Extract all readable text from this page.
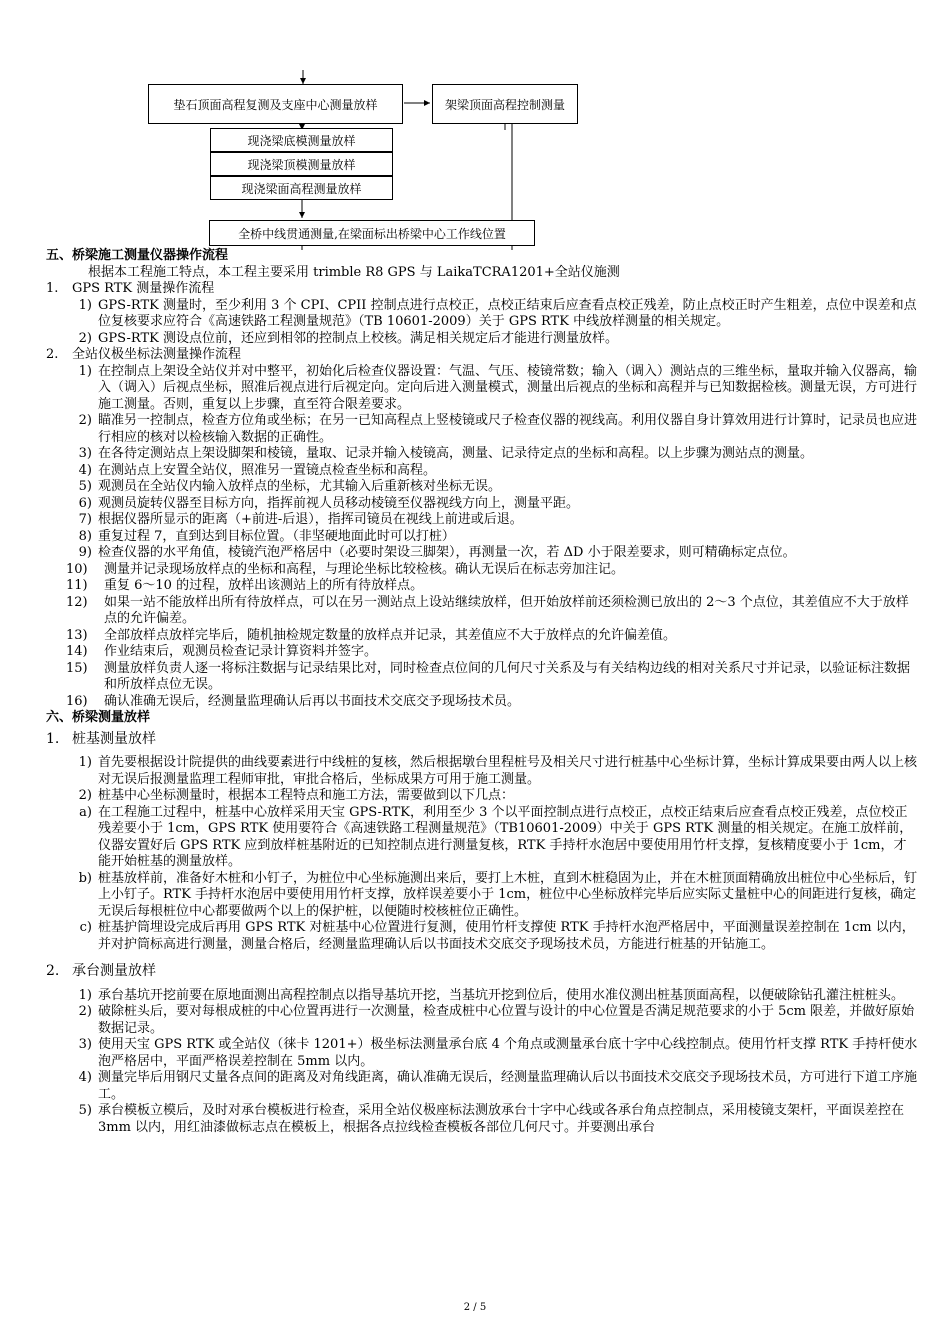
垫石顶面高程复测及支座中心测量放样	架梁顶面高程控制测量
现浇梁底模测量放样
现浇梁顶模测量放样
现浇梁面高程测量放样
全桥中线贯通测量,在梁面标出桥梁中心工作线位置

五、桥梁施工测量仪器操作流程

根据本工程施工特点，本工程主要采用 trimble R8 GPS 与 LaikaTCRA1201+全站仪施测

1.	GPS RTK 测量操作流程
1) GPS-RTK 测量时，至少利用 3 个 CPI、CPII 控制点进行点校正，点校正结束后应查看点校正残差，防止点校正时产生粗差，点位中误差和点位复核要求应符合《高速铁路工程测量规范》（TB 10601-2009）关于 GPS RTK 中线放样测量的相关规定。
2) GPS-RTK 测设点位前，还应到相邻的控制点上校核。满足相关规定后才能进行测量放样。
2.	全站仪极坐标法测量操作流程
1) 在控制点上架设全站仪并对中整平，初始化后检查仪器设置：气温、气压、棱镜常数；输入（调入）测站点的三维坐标，量取并输入仪器高，输入（调入）后视点坐标，照准后视点进行后视定向。定向后进入测量模式，测量出后视点的坐标和高程并与已知数据检核。测量无误，方可进行施工测量。否则，重复以上步骤，直至符合限差要求。
2) 瞄准另一控制点，检查方位角或坐标；在另一已知高程点上竖棱镜或尺子检查仪器的视线高。利用仪器自身计算效用进行计算时，记录员也应进行相应的核对以检核输入数据的正确性。
3) 在各待定测站点上架设脚架和棱镜，量取、记录并输入棱镜高，测量、记录待定点的坐标和高程。以上步骤为测站点的测量。
4) 在测站点上安置全站仪，照准另一置镜点检查坐标和高程。
5) 观测员在全站仪内输入放样点的坐标，尤其输入后重新核对坐标无误。
6) 观测员旋转仪器至目标方向，指挥前视人员移动棱镜至仪器视线方向上，测量平距。
7) 根据仪器所显示的距离（+前进-后退），指挥司镜员在视线上前进或后退。
8) 重复过程 7，直到达到目标位置。（非坚硬地面此时可以打桩）
9) 检查仪器的水平角值，棱镜汽泡严格居中（必要时架设三脚架），再测量一次，若 ΔD 小于限差要求，则可精确标定点位。
10)	测量并记录现场放样点的坐标和高程，与理论坐标比较检核。确认无误后在标志旁加注记。
11)	重复 6～10 的过程，放样出该测站上的所有待放样点。
12)	如果一站不能放样出所有待放样点，可以在另一测站点上设站继续放样，但开始放样前还须检测已放出的 2～3 个点位，其差值应不大于放样点的允许偏差。
13)	全部放样点放样完毕后，随机抽检规定数量的放样点并记录，其差值应不大于放样点的允许偏差值。
14)	作业结束后，观测员检查记录计算资料并签字。
15)	测量放样负责人逐一将标注数据与记录结果比对，同时检查点位间的几何尺寸关系及与有关结构边线的相对关系尺寸并记录，以验证标注数据和所放样点位无误。
16)	确认准确无误后，经测量监理确认后再以书面技术交底交予现场技术员。

六、桥梁测量放样

1. 桩基测量放样
1) 首先要根据设计院提供的曲线要素进行中线桩的复核，然后根据墩台里程桩号及相关尺寸进行桩基中心坐标计算，坐标计算成果要由两人以上核对无误后报测量监理工程师审批，审批合格后，坐标成果方可用于施工测量。
2) 桩基中心坐标测量时，根据本工程特点和施工方法，需要做到以下几点：
a) 在工程施工过程中，桩基中心放样采用天宝 GPS-RTK，利用至少 3 个以平面控制点进行点校正，点校正结束后应查看点校正残差，点位校正残差要小于 1cm，GPS RTK 使用要符合《高速铁路工程测量规范》（TB10601-2009）中关于 GPS RTK 测量的相关规定。在施工放样前，仪器安置好后 GPS RTK 应到放样桩基附近的已知控制点进行测量复核，RTK 手持杆水泡居中要使用用竹杆支撑，复核精度要小于 1cm，才能开始桩基的测量放样。
b) 桩基放样前，准备好木桩和小钉子，为桩位中心坐标施测出来后，要打上木桩，直到木桩稳固为止，并在木桩顶面精确放出桩位中心坐标后，钉上小钉子。RTK 手持杆水泡居中要使用用竹杆支撑，放样误差要小于 1cm，桩位中心坐标放样完毕后应实际丈量桩中心的间距进行复核，确定无误后每根桩位中心都要做两个以上的保护桩，以便随时校核桩位正确性。
c) 桩基护筒埋设完成后再用 GPS RTK 对桩基中心位置进行复测，使用竹杆支撑使 RTK 手持杆水泡严格居中，平面测量误差控制在 1cm 以内，并对护筒标高进行测量，测量合格后，经测量监理确认后以书面技术交底交予现场技术员，方能进行桩基的开钻施工。
2. 承台测量放样
1) 承台基坑开挖前要在原地面测出高程控制点以指导基坑开挖，当基坑开挖到位后，使用水准仪测出桩基顶面高程，以便破除钻孔灌注桩桩头。
2) 破除桩头后，要对每根成桩的中心位置再进行一次测量，检查成桩中心位置与设计的中心位置是否满足规范要求的小于 5cm 限差，并做好原始数据记录。
3) 使用天宝 GPS RTK 或全站仪（徕卡 1201+）极坐标法测量承台底 4 个角点或测量承台底十字中心线控制点。使用竹杆支撑 RTK 手持杆使水泡严格居中，平面严格误差控制在 5mm 以内。
4) 测量完毕后用钢尺丈量各点间的距离及对角线距离，确认准确无误后，经测量监理确认后以书面技术交底交予现场技术员，方可进行下道工序施工。
5) 承台模板立模后，及时对承台模板进行检查，采用全站仪极座标法测放承台十字中心线或各承台角点控制点，采用棱镜支架杆，平面误差控在 3mm 以内，用红油漆做标志点在模板上，根据各点拉线检查模板各部位几何尺寸。并要测出承台
2 / 5
